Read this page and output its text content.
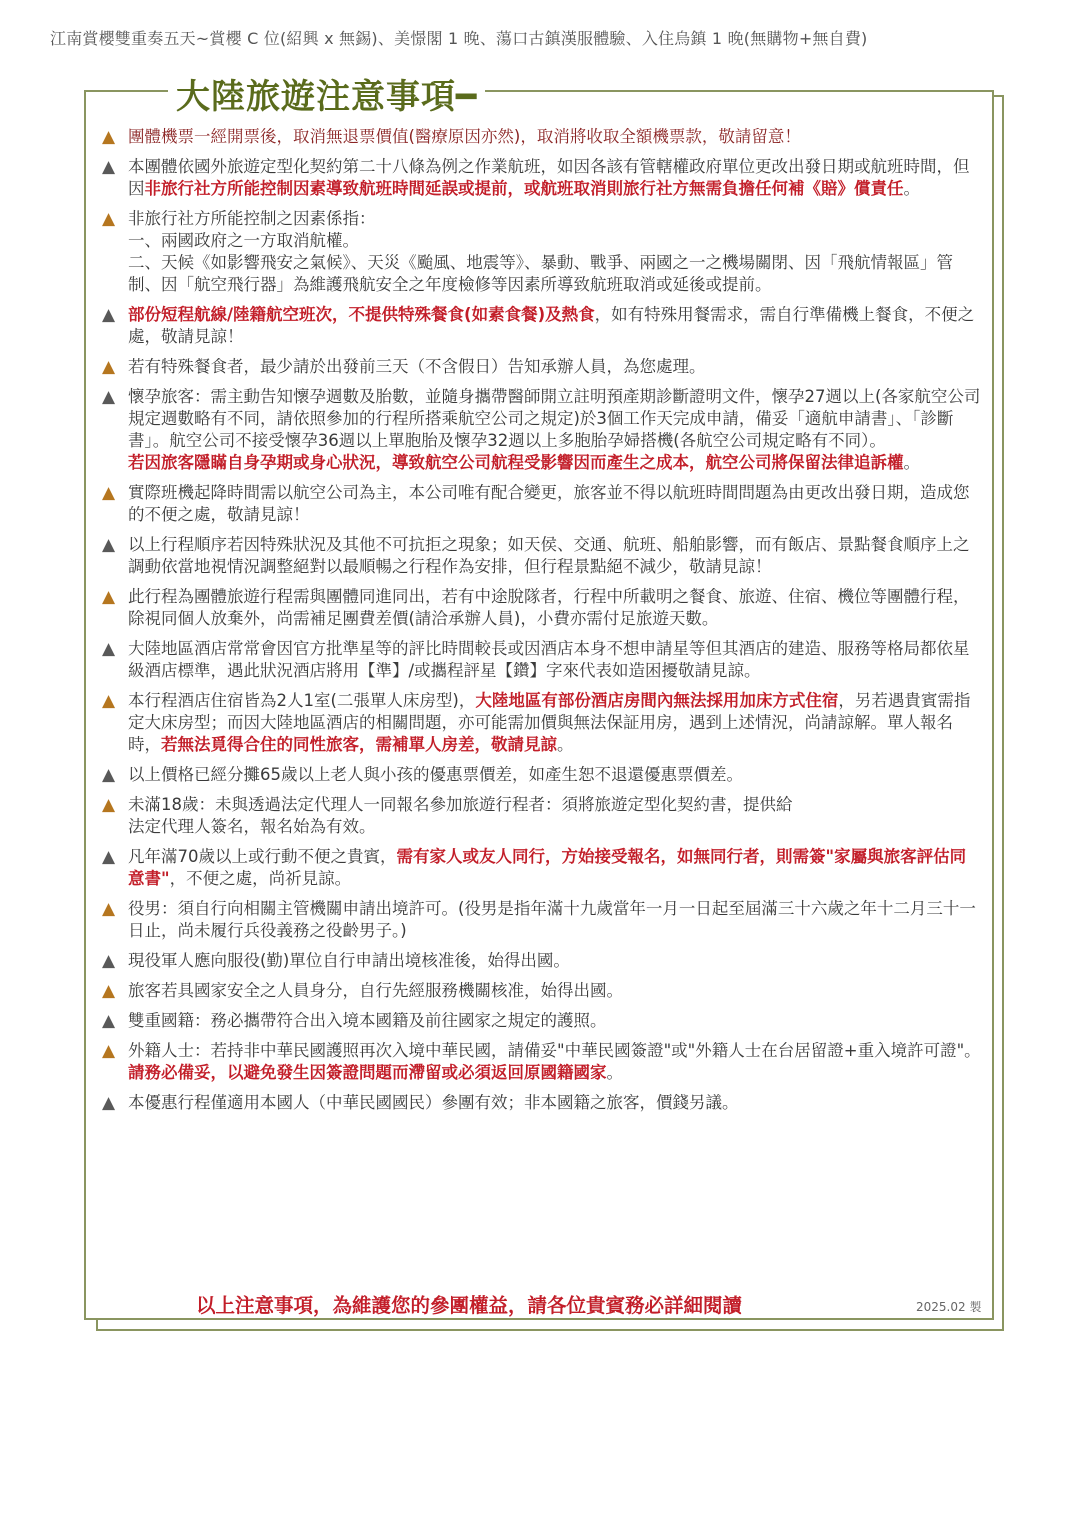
江南賞櫻雙重奏五天~賞櫻 C 位(紹興 x 無錫)、美憬閣 1 晚、蕩口古鎮漢服體驗、入住烏鎮 1 晚(無購物+無自費)
大陸旅遊注意事項━
▲ 團體機票一經開票後，取消無退票價值(醫療原因亦然)，取消將收取全額機票款，敬請留意！
▲ 本團體依國外旅遊定型化契約第二十八條為例之作業航班，如因各該有管轄權政府單位更改出發日期或航班時間，但因非旅行社方所能控制因素導致航班時間延誤或提前，或航班取消則旅行社方無需負擔任何補《賠》償責任。
▲ 非旅行社方所能控制之因素係指：
一、兩國政府之一方取消航權。
二、天候《如影響飛安之氣候》、天災《颱風、地震等》、暴動、戰爭、兩國之一之機場關閉、因「飛航情報區」管制、因「航空飛行器」為維護飛航安全之年度檢修等因素所導致航班取消或延後或提前。
▲ 部份短程航線/陸籍航空班次，不提供特殊餐食(如素食餐)及熱食，如有特殊用餐需求，需自行準備機上餐食，不便之處，敬請見諒！
▲ 若有特殊餐食者，最少請於出發前三天（不含假日）告知承辦人員，為您處理。
▲ 懷孕旅客：需主動告知懷孕週數及胎數，並隨身攜帶醫師開立註明預產期診斷證明文件，懷孕27週以上(各家航空公司規定週數略有不同，請依照參加的行程所搭乘航空公司之規定)於3個工作天完成申請，備妥「適航申請書」、「診斷書」。航空公司不接受懷孕36週以上單胞胎及懷孕32週以上多胞胎孕婦搭機(各航空公司規定略有不同）。
若因旅客隱瞞自身孕期或身心狀況，導致航空公司航程受影響因而產生之成本，航空公司將保留法律追訴權。
▲ 實際班機起降時間需以航空公司為主，本公司唯有配合變更，旅客並不得以航班時間問題為由更改出發日期，造成您的不便之處，敬請見諒！
▲ 以上行程順序若因特殊狀況及其他不可抗拒之現象；如天侯、交通、航班、船舶影響，而有飯店、景點餐食順序上之調動依當地視情況調整絕對以最順暢之行程作為安排，但行程景點絕不減少，敬請見諒！
▲ 此行程為團體旅遊行程需與團體同進同出，若有中途脫隊者，行程中所載明之餐食、旅遊、住宿、機位等團體行程，除視同個人放棄外，尚需補足團費差價(請洽承辦人員)，小費亦需付足旅遊天數。
▲ 大陸地區酒店常常會因官方批準星等的評比時間較長或因酒店本身不想申請星等但其酒店的建造、服務等格局都依星級酒店標準，遇此狀況酒店將用【準】/或攜程評星【鑽】字來代表如造困擾敬請見諒。
▲ 本行程酒店住宿皆為2人1室(二張單人床房型)，大陸地區有部份酒店房間內無法採用加床方式住宿，另若遇貴賓需指定大床房型；而因大陸地區酒店的相關問題，亦可能需加價與無法保証用房，遇到上述情況，尚請諒解。單人報名時，若無法覓得合住的同性旅客，需補單人房差，敬請見諒。
▲ 以上價格已經分攤65歲以上老人與小孩的優惠票價差，如產生恕不退還優惠票價差。
▲ 未滿18歲：未與透過法定代理人一同報名參加旅遊行程者：須將旅遊定型化契約書，提供給
法定代理人簽名，報名始為有效。
▲ 凡年滿70歲以上或行動不便之貴賓，需有家人或友人同行，方始接受報名，如無同行者，則需簽"家屬與旅客評估同意書"，不便之處，尚祈見諒。
▲ 役男：須自行向相關主管機關申請出境許可。(役男是指年滿十九歲當年一月一日起至屆滿三十六歲之年十二月三十一日止，尚未履行兵役義務之役齡男子。)
▲ 現役軍人應向服役(勤)單位自行申請出境核准後，始得出國。
▲ 旅客若具國家安全之人員身分，自行先經服務機關核准，始得出國。
▲ 雙重國籍：務必攜帶符合出入境本國籍及前往國家之規定的護照。
▲ 外籍人士：若持非中華民國護照再次入境中華民國，請備妥"中華民國簽證"或"外籍人士在台居留證+重入境許可證"。請務必備妥，以避免發生因簽證問題而滯留或必須返回原國籍國家。
▲ 本優惠行程僅適用本國人（中華民國國民）參團有效；非本國籍之旅客，價錢另議。
以上注意事項，為維護您的參團權益，請各位貴賓務必詳細閱讀	2025.02 製
